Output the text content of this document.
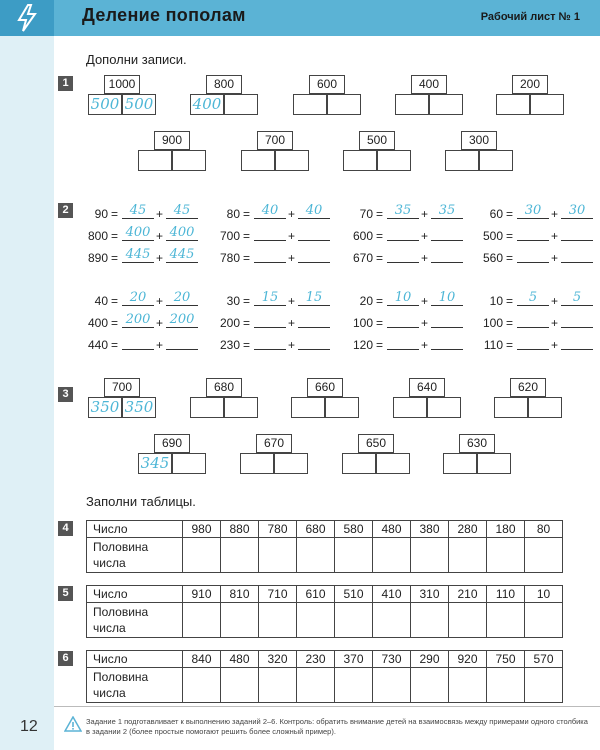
Деление пополам	Рабочий лист № 1
Дополни записи.
1	1000
500 500
800
400
600	400	200
900	700	500	300
2	90 = 45 + 45
800 = 400 + 400
890 = 445 + 445
80 = 40 + 40
700 =	+
780 =	+
70 = 35 + 35
600 =	+
670 =	+
60 = 30 + 30
500 =	+
560 =	+
40 = 20 + 20
400 = 200 + 200
440 =	+
30 = 15 + 15
200 =	+
230 =	+
20 = 10 + 10
100 =	+
120 =	+
10 =	5	+	5
100 =	+
110 =	+
3	700
350 350
680	660	640	620
690
345
670	650	630
Заполни таблицы.
4
5
6
Число	980	880	780	680	580	480	380	280	180	80

Половина
числа										

Число	910	810	710	610	510	410	310	210	110	10

Половина
числа										

Число	840	480	320	230	370	730	290	920	750	570

Половина
числа										

12	Задание 1 подготавливает к выполнению заданий 2–6. Контроль: обратить внимание детей на взаимосвязь между примерами одного столбика в задании 2 (более простые помогают решить более сложный пример).
